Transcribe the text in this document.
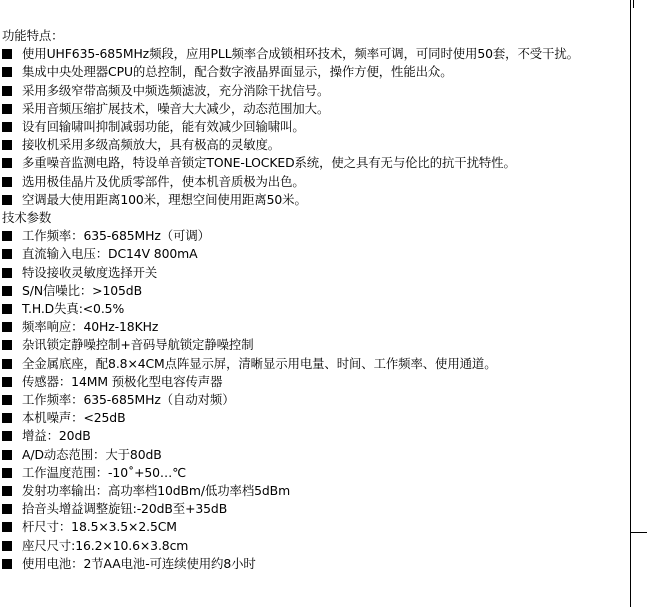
功能特点：
使用UHF635-685MHz频段，应用PLL频率合成锁相环技术，频率可调，可同时使用50套，不受干扰。
集成中央处理器CPU的总控制，配合数字液晶界面显示，操作方便，性能出众。
采用多级窄带高频及中频选频滤波，充分消除干扰信号。
采用音频压缩扩展技术，噪音大大减少，动态范围加大。
设有回输啸叫抑制减弱功能，能有效减少回输啸叫。
接收机采用多级高频放大，具有极高的灵敏度。
多重噪音监测电路，特设单音锁定TONE-LOCKED系统，使之具有无与伦比的抗干扰特性。
选用极佳晶片及优质零部件，使本机音质极为出色。
空调最大使用距离100米，理想空间使用距离50米。
技术参数
工作频率：635-685MHz（可调）
直流输入电压：DC14V 800mA
特设接收灵敏度选择开关
S/N信噪比：>105dB
T.H.D失真:<0.5%
频率响应：40Hz-18KHz
杂讯锁定静噪控制+音码导航锁定静噪控制
全金属底座，配8.8×4CM点阵显示屏，清晰显示用电量、时间、工作频率、使用通道。
传感器：14MM 预极化型电容传声器
工作频率：635-685MHz（自动对频）
本机噪声：<25dB
增益：20dB
A/D动态范围：大于80dB
工作温度范围：-10˚+50…℃
发射功率输出：高功率档10dBm/低功率档5dBm
拾音头增益调整旋钮:-20dB至+35dB
杆尺寸：18.5×3.5×2.5CM
座尺尺寸:16.2×10.6×3.8cm
使用电池：2节AA电池-可连续使用约8小时
